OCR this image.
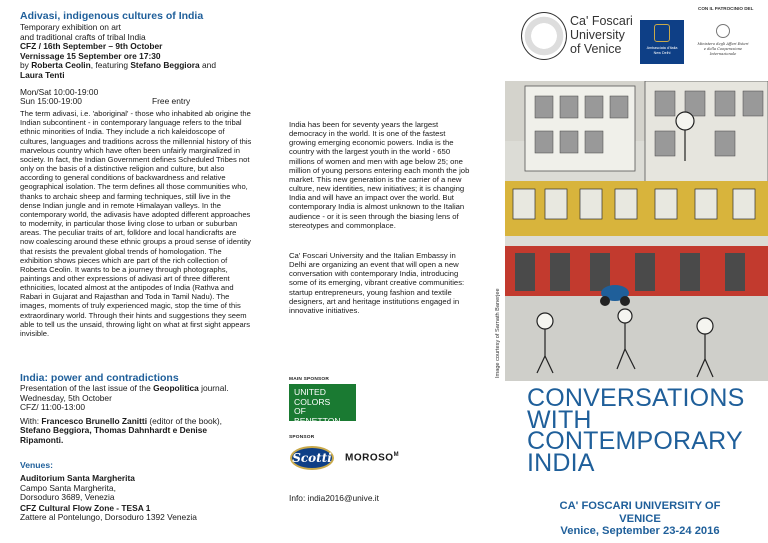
Adivasi, indigenous cultures of India
Temporary exhibition on art
and traditional crafts of tribal India
CFZ / 16th September – 9th October
Vernissage 15 September ore 17:30
by Roberta Ceolin, featuring Stefano Beggiora and
Laura Tenti
Mon/Sat 10:00-19:00
Sun 15:00-19:00	Free entry

The term adivasi, i.e. 'aboriginal' - those who inhabited ab origine the Indian subcontinent - in contemporary language refers to the tribal ethnic minorities of India. They include a rich kaleidoscope of cultures, languages and traditions across the millennial history of this marvelous country which have often been unfairly marginalized in society. In fact, the Indian Government defines Scheduled Tribes not only on the basis of a distinctive religion and culture, but also according to general conditions of backwardness and relative geographical isolation. The term defines all those communities who, thanks to archaic sheep and farming techniques, still live in the dense Indian jungle and in remote Himalayan valleys. In the contemporary world, the adivasis have adopted different approaches to modernity, in particular those living close to urban or suburban areas. The peculiar traits of art, folklore and local handicrafts are now coalescing around these ethnic groups a proud sense of identity that resists the prevalent global trends of homologation. The exhibition shows pieces which are part of the rich collection of Roberta Ceolin. It wants to be a journey through photographs, paintings and other expressions of adivasi art of three different ethnicities, located almost at the antipodes of India (Rathva and Rabari in Gujarat and Rajasthan and Toda in Tamil Nadu). The images, moments of truly experienced magic, stop the time of this extraordinary world. Through their hints and suggestions they seem able to tell us the unsaid, throwing light on what at first sight appears invisible.

India: power and contradictions
Presentation of the last issue of the Geopolitica journal.
Wednesday, 5th October
CFZ/ 11:00-13:00
With: Francesco Brunello Zanitti (editor of the book),
Stefano Beggiora, Thomas Dahnhardt e Denise Ripamonti.
Venues:
Auditorium Santa Margherita
Campo Santa Margherita,
Dorsoduro 3689, Venezia
CFZ Cultural Flow Zone - TESA 1
Zattere al Pontelungo, Dorsoduro 1392 Venezia
India has been for seventy years the largest democracy in the world. It is one of the fastest growing emerging economic powers. India is the country with the largest youth in the world - 650 millions of women and men with age below 25; one million of young persons entering each month the job market. This new generation is the carrier of a new culture, new identities, new initiatives; it is changing India and will have an impact over the world. But contemporary India is almost unknown to the Italian audience - or it is seen through the biasing lens of stereotypes and commonplace.
Ca' Foscari University and the Italian Embassy in Delhi are organizing an event that will open a new conversation with contemporary India, introducing some of its emerging, vibrant creative communities: startup entrepreneurs, young fashion and textile designers, art and heritage institutions engaged in innovative initiatives.
MAIN SPONSOR
UNITED COLORS
OF BENETTON.
SPONSOR
Scotti $MOROSO^M$
Info: india2016@unive.it
Image courtesy of Sarnath Banerjee
Ca' Foscari
University
of Venice
CON IL PATROCINIO DEL
Ambasciata d'Italia
New Delhi
Ministero degli Affari Esteri
e della Cooperazione Internazionale
CONVERSATIONS
WITH
CONTEMPORARY
INDIA
CA' FOSCARI UNIVERSITY OF VENICE
Venice, September 23-24 2016
